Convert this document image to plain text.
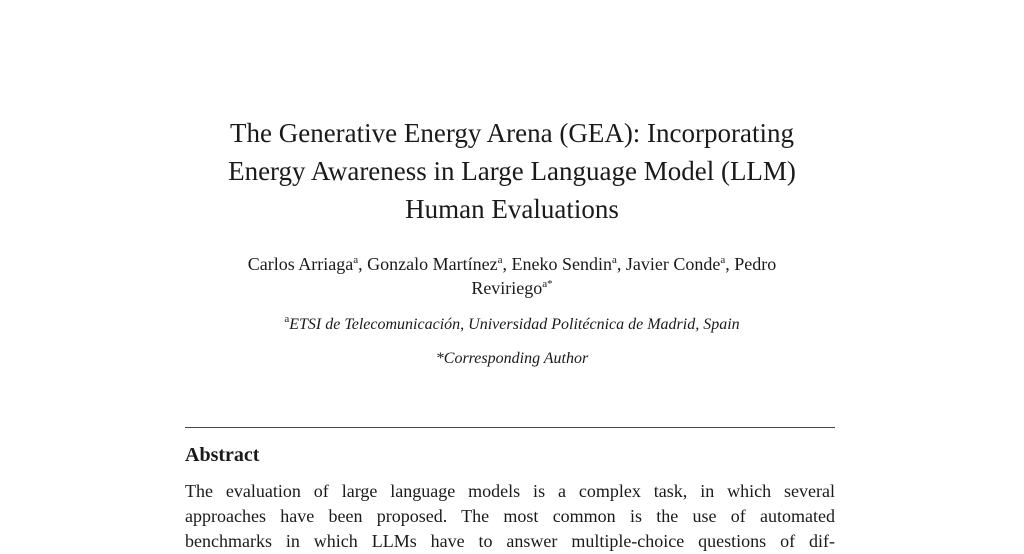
The Generative Energy Arena (GEA): Incorporating
Energy Awareness in Large Language Model (LLM)
Human Evaluations
Carlos Arriaga$^a$, Gonzalo Martínez$^a$, Eneko Sendin$^a$, Javier Conde$^a$, Pedro
Reviriego$^{a*}$
$^a$ETSI de Telecomunicación, Universidad Politécnica de Madrid, Spain
*Corresponding Author
Abstract
The evaluation of large language models is a complex task, in which several
approaches have been proposed. The most common is the use of automated
benchmarks in which LLMs have to answer multiple-choice questions of dif-
